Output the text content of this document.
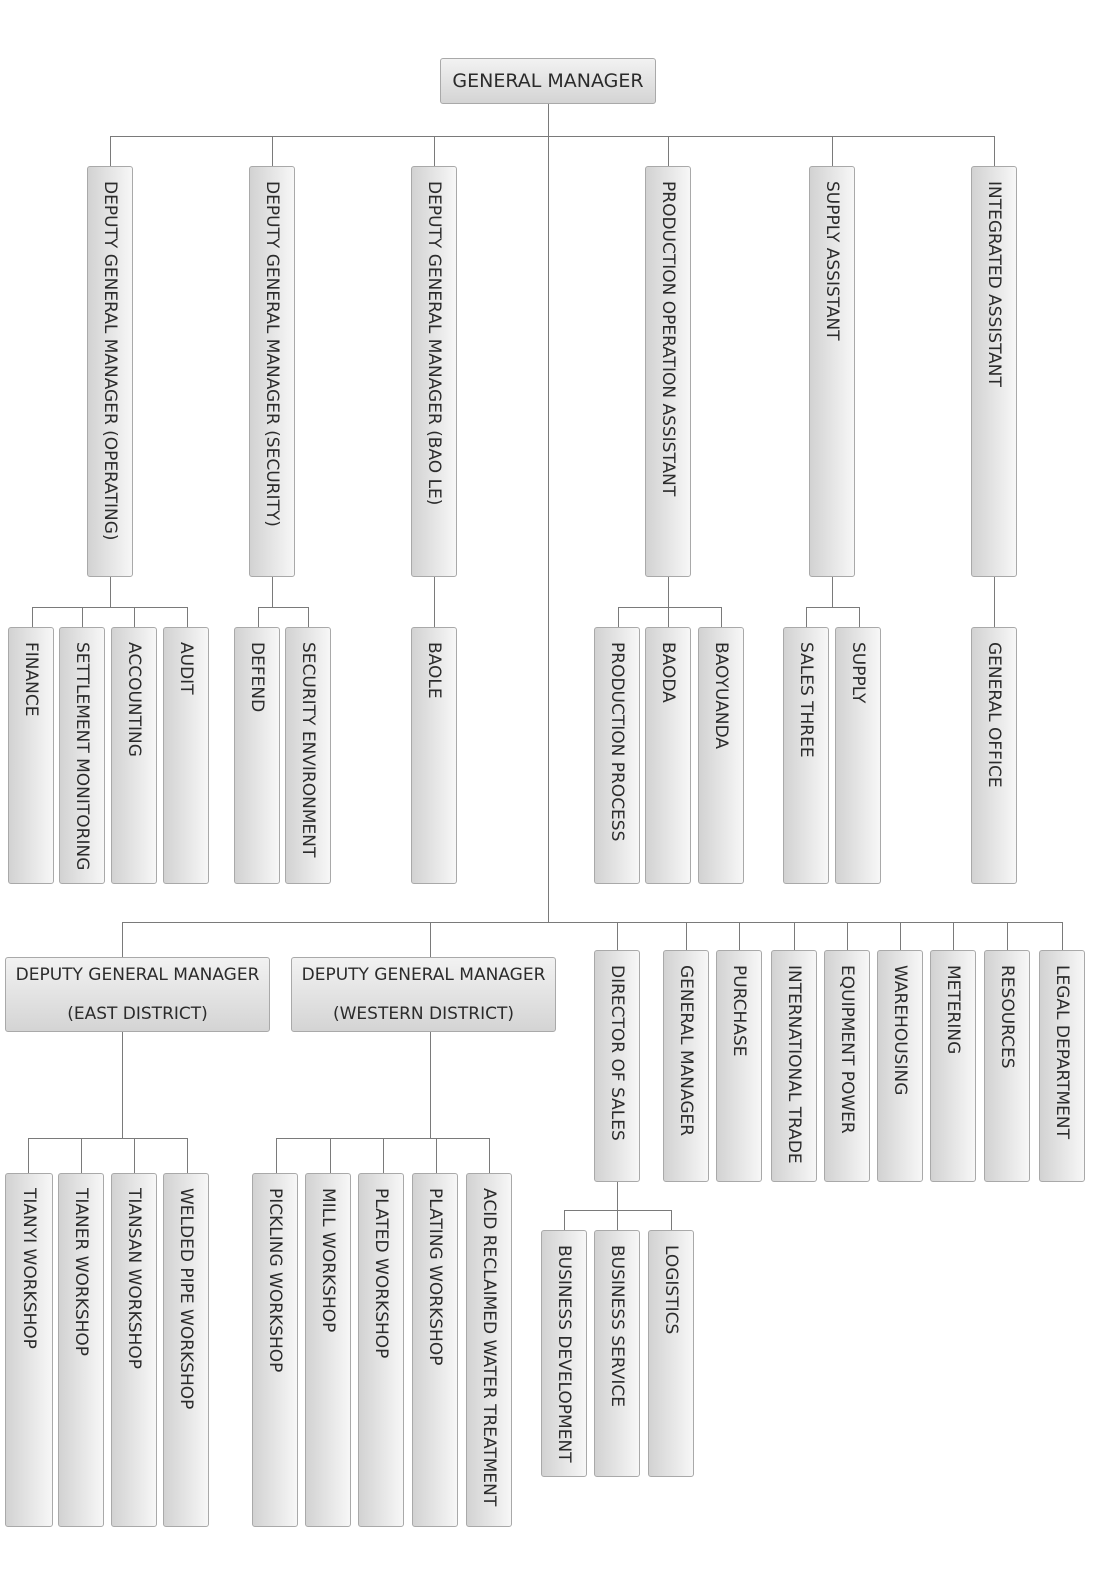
GENERAL MANAGER
DEPUTY GENERAL MANAGER (OPERATING)	DEPUTY GENERAL MANAGER (SECURITY)	DEPUTY GENERAL MANAGER (BAO LE)	PRODUCTION OPERATION ASSISTANT	SUPPLY ASSISTANT	INTEGRATED ASSISTANT
FINANCE	SETTLEMENT MONITORING	ACCOUNTING	AUDIT	DEFEND	SECURITY ENVIRONMENT	BAOLE	PRODUCTION PROCESS	BAODA	BAOYUANDA	SALES THREE	SUPPLY	GENERAL OFFICE
DEPUTY GENERAL MANAGER
(EAST DISTRICT)
DEPUTY GENERAL MANAGER
(WESTERN DISTRICT)	DIRECTOR OF SALES	GENERAL MANAGER	PURCHASE	INTERNATIONAL TRADE	EQUIPMENT POWER	WAREHOUSING	METERING	RESOURCES	LEGAL DEPARTMENT
TIANYI WORKSHOP	TIANER WORKSHOP	TIANSAN WORKSHOP	WELDED PIPE WORKSHOP	PICKLING WORKSHOP	MILL WORKSHOP	PLATED WORKSHOP	PLATING WORKSHOP	ACID RECLAIMED WATER TREATMENT	BUSINESS DEVELOPMENT	BUSINESS SERVICE	LOGISTICS
